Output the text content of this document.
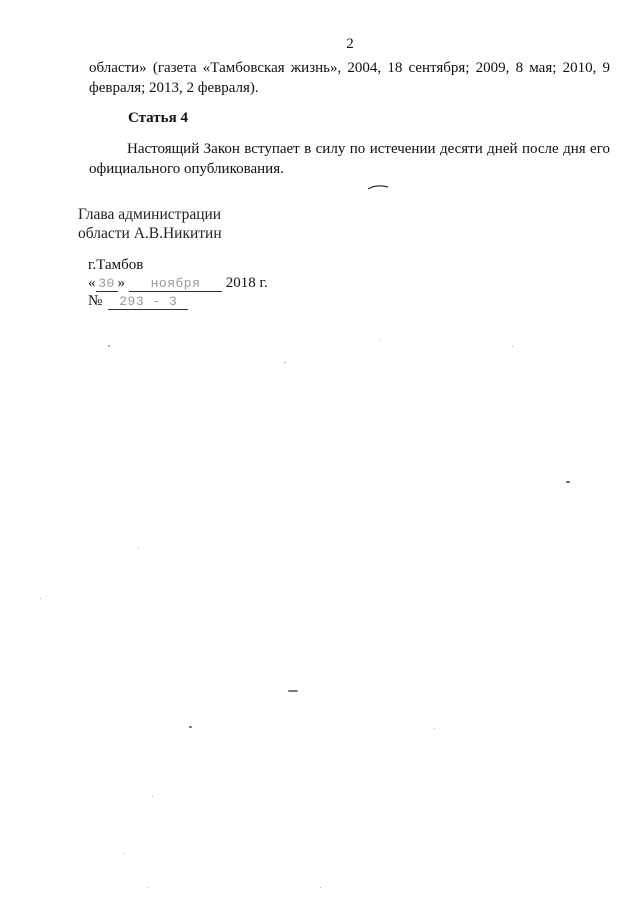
2
области» (газета «Тамбовская жизнь», 2004, 18 сентября; 2009, 8 мая; 2010, 9 февраля; 2013, 2 февраля).
Статья 4
Настоящий Закон вступает в силу по истечении десяти дней после дня его официального опубликования.
Глава администрации
области А.В.Никитин
г.Тамбов
« 30 » ноября 2018 г.
№ 293 - 3
